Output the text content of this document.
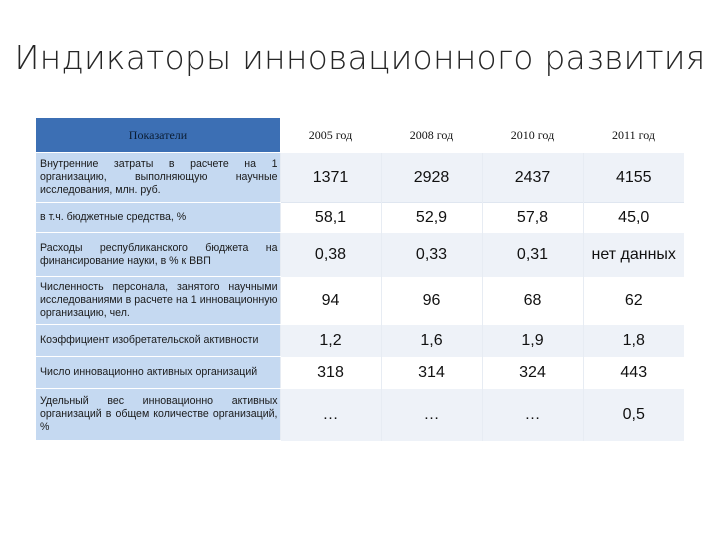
Индикаторы инновационного развития
Показатели	2005 год	2008 год	2010 год	2011 год
Внутренние затраты в расчете на 1 организацию, выполняющую научные исследования, млн. руб.	1371	2928	2437	4155
в т.ч. бюджетные средства, %	58,1	52,9	57,8	45,0
Расходы республиканского бюджета на финансирование науки, в % к ВВП	0,38	0,33	0,31	нет данных
Численность персонала, занятого научными исследованиями в расчете на 1 инновационную организацию, чел.	94	96	68	62
Коэффициент изобретательской активности	1,2	1,6	1,9	1,8
Число инновационно активных организаций	318	314	324	443
Удельный вес инновационно активных организаций в общем количестве организаций, %	…	…	…	0,5
